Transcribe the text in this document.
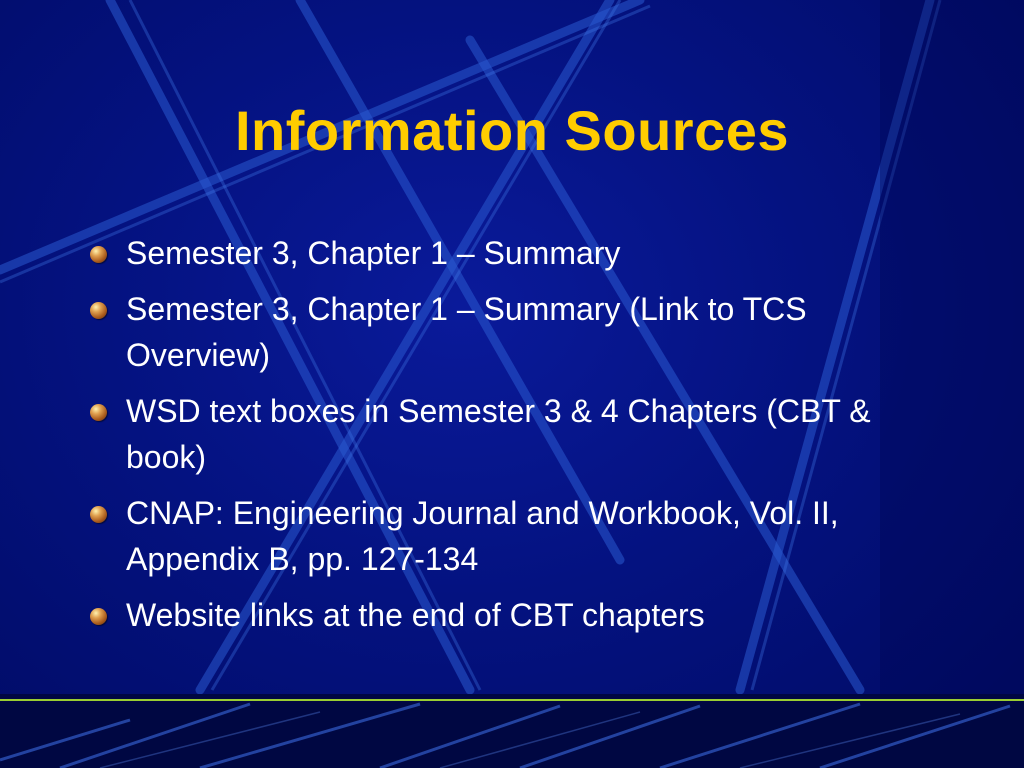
Information Sources
Semester 3, Chapter 1 – Summary
Semester 3, Chapter 1 – Summary (Link to TCS Overview)
WSD text boxes in Semester 3 & 4 Chapters (CBT & book)
CNAP: Engineering Journal and Workbook, Vol. II, Appendix B, pp. 127-134
Website links at the end of CBT chapters
